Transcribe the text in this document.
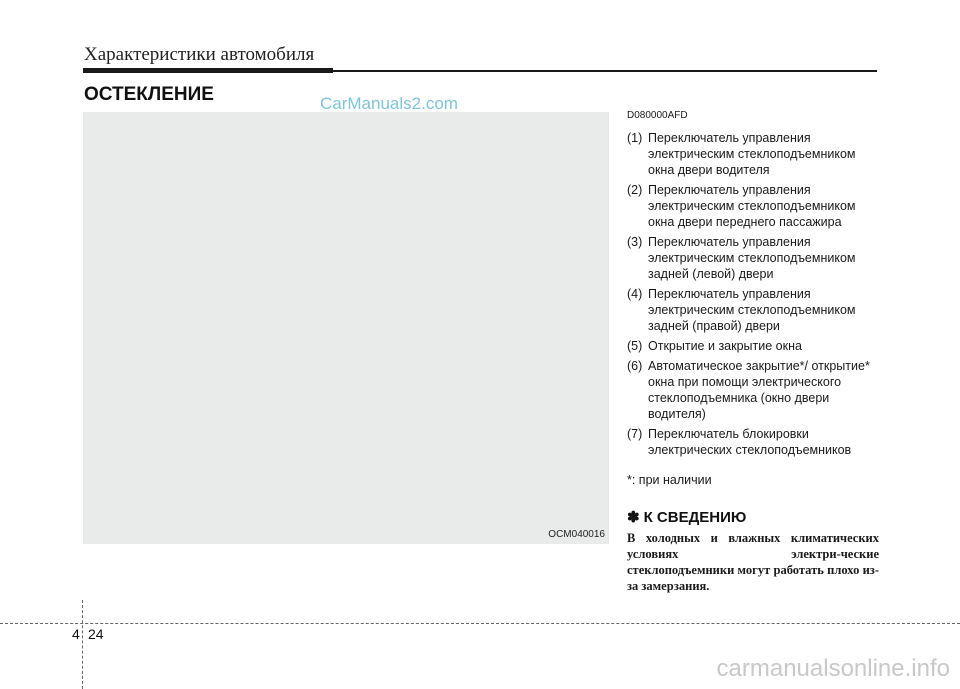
Характеристики автомобиля
ОСТЕКЛЕНИЕ
OCM040016
CarManuals2.com
D080000AFD
(1) Переключатель управления электрическим стеклоподъемником окна двери водителя
(2) Переключатель управления электрическим стеклоподъемником окна двери переднего пассажира
(3) Переключатель управления электрическим стеклоподъемником задней (левой) двери
(4) Переключатель управления электрическим стеклоподъемником задней (правой) двери
(5) Открытие и закрытие окна
(6) Автоматическое закрытие*/ открытие* окна при помощи электрического стеклоподъемника (окно двери водителя)
(7) Переключатель блокировки электрических стеклоподъемников
*: при наличии
✽ К СВЕДЕНИЮ
В холодных и влажных климатических условиях электри-ческие стеклоподъемники могут работать плохо из-за замерзания.
4 24
carmanualsonline.info
